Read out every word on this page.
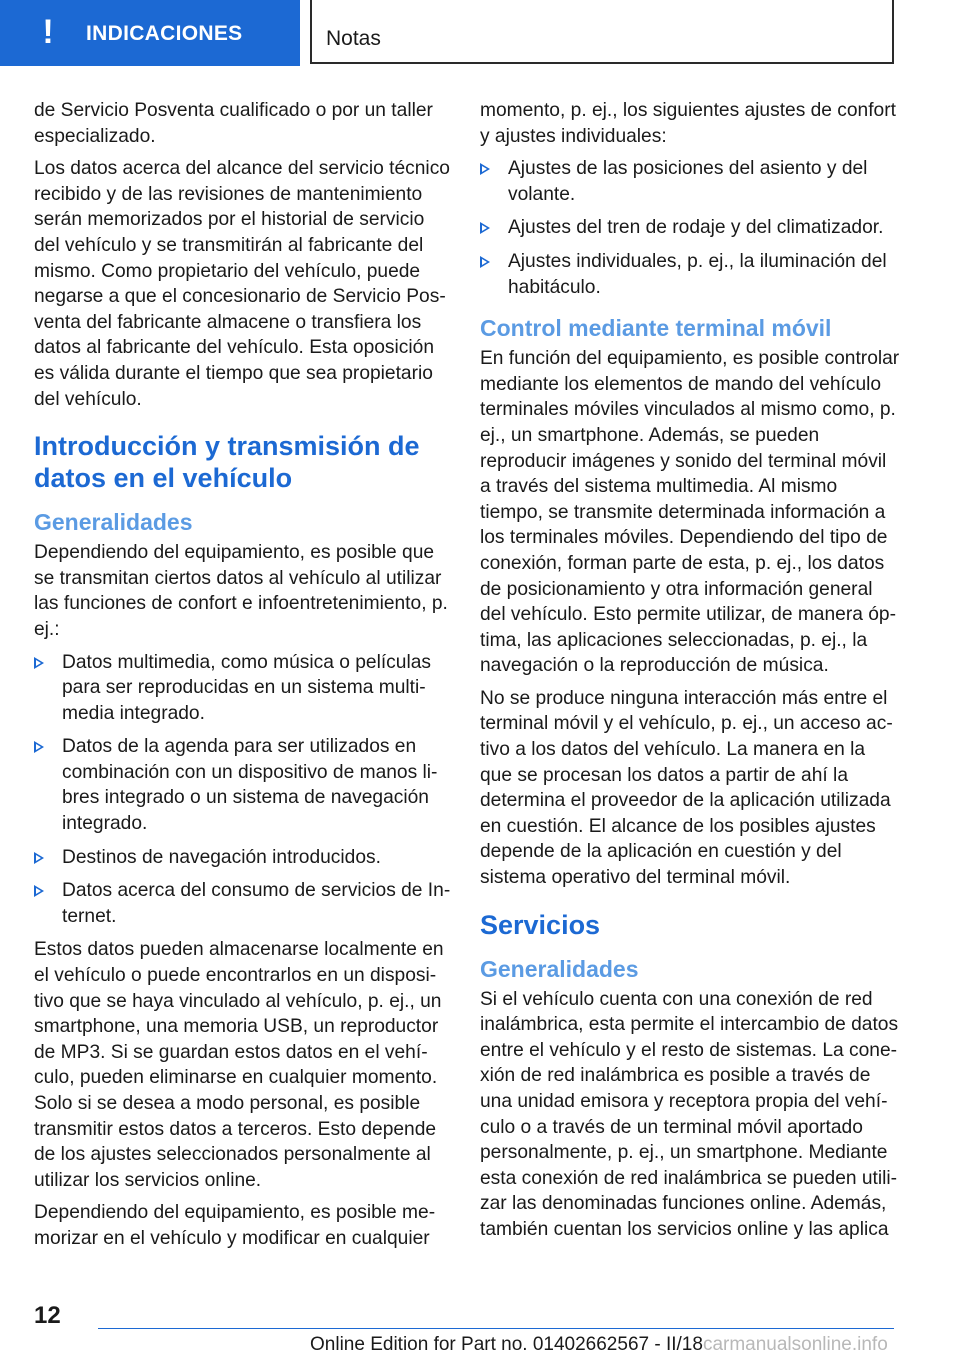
!	INDICACIONES	Notas

de Servicio Posventa cualificado o por un taller especializado.

Los datos acerca del alcance del servicio técnico recibido y de las revisiones de mantenimiento serán memorizados por el historial de servicio del vehículo y se transmitirán al fabricante del mismo. Como propietario del vehículo, puede negarse a que el concesionario de Servicio Posventa del fabricante almacene o transfiera los datos al fabricante del vehículo. Esta oposición es válida durante el tiempo que sea propietario del vehículo.

Introducción y transmisión de datos en el vehículo
Generalidades

Dependiendo del equipamiento, es posible que se transmitan ciertos datos al vehículo al utilizar las funciones de confort e infoentretenimiento, p. ej.:

Datos multimedia, como música o películas para ser reproducidas en un sistema multimedia integrado.
Datos de la agenda para ser utilizados en combinación con un dispositivo de manos libres integrado o un sistema de navegación integrado.
Destinos de navegación introducidos.
Datos acerca del consumo de servicios de Internet.

Estos datos pueden almacenarse localmente en el vehículo o puede encontrarlos en un dispositivo que se haya vinculado al vehículo, p. ej., un smartphone, una memoria USB, un reproductor de MP3. Si se guardan estos datos en el vehículo, pueden eliminarse en cualquier momento. Solo si se desea a modo personal, es posible transmitir estos datos a terceros. Esto depende de los ajustes seleccionados personalmente al utilizar los servicios online.

Dependiendo del equipamiento, es posible memorizar en el vehículo y modificar en cualquier

momento, p. ej., los siguientes ajustes de confort y ajustes individuales:

Ajustes de las posiciones del asiento y del volante.
Ajustes del tren de rodaje y del climatizador.
Ajustes individuales, p. ej., la iluminación del habitáculo.
Control mediante terminal móvil

En función del equipamiento, es posible controlar mediante los elementos de mando del vehículo terminales móviles vinculados al mismo como, p. ej., un smartphone. Además, se pueden reproducir imágenes y sonido del terminal móvil a través del sistema multimedia. Al mismo tiempo, se transmite determinada información a los terminales móviles. Dependiendo del tipo de conexión, forman parte de esta, p. ej., los datos de posicionamiento y otra información general del vehículo. Esto permite utilizar, de manera óptima, las aplicaciones seleccionadas, p. ej., la navegación o la reproducción de música.

No se produce ninguna interacción más entre el terminal móvil y el vehículo, p. ej., un acceso activo a los datos del vehículo. La manera en la que se procesan los datos a partir de ahí la determina el proveedor de la aplicación utilizada en cuestión. El alcance de los posibles ajustes depende de la aplicación en cuestión y del sistema operativo del terminal móvil.

Servicios
Generalidades

Si el vehículo cuenta con una conexión de red inalámbrica, esta permite el intercambio de datos entre el vehículo y el resto de sistemas. La conexión de red inalámbrica es posible a través de una unidad emisora y receptora propia del vehículo o a través de un terminal móvil aportado personalmente, p. ej., un smartphone. Mediante esta conexión de red inalámbrica se pueden utilizar las denominadas funciones online. Además, también cuentan los servicios online y las aplica

12
Online Edition for Part no. 01402662567 - II/18carmanualsonline.info
